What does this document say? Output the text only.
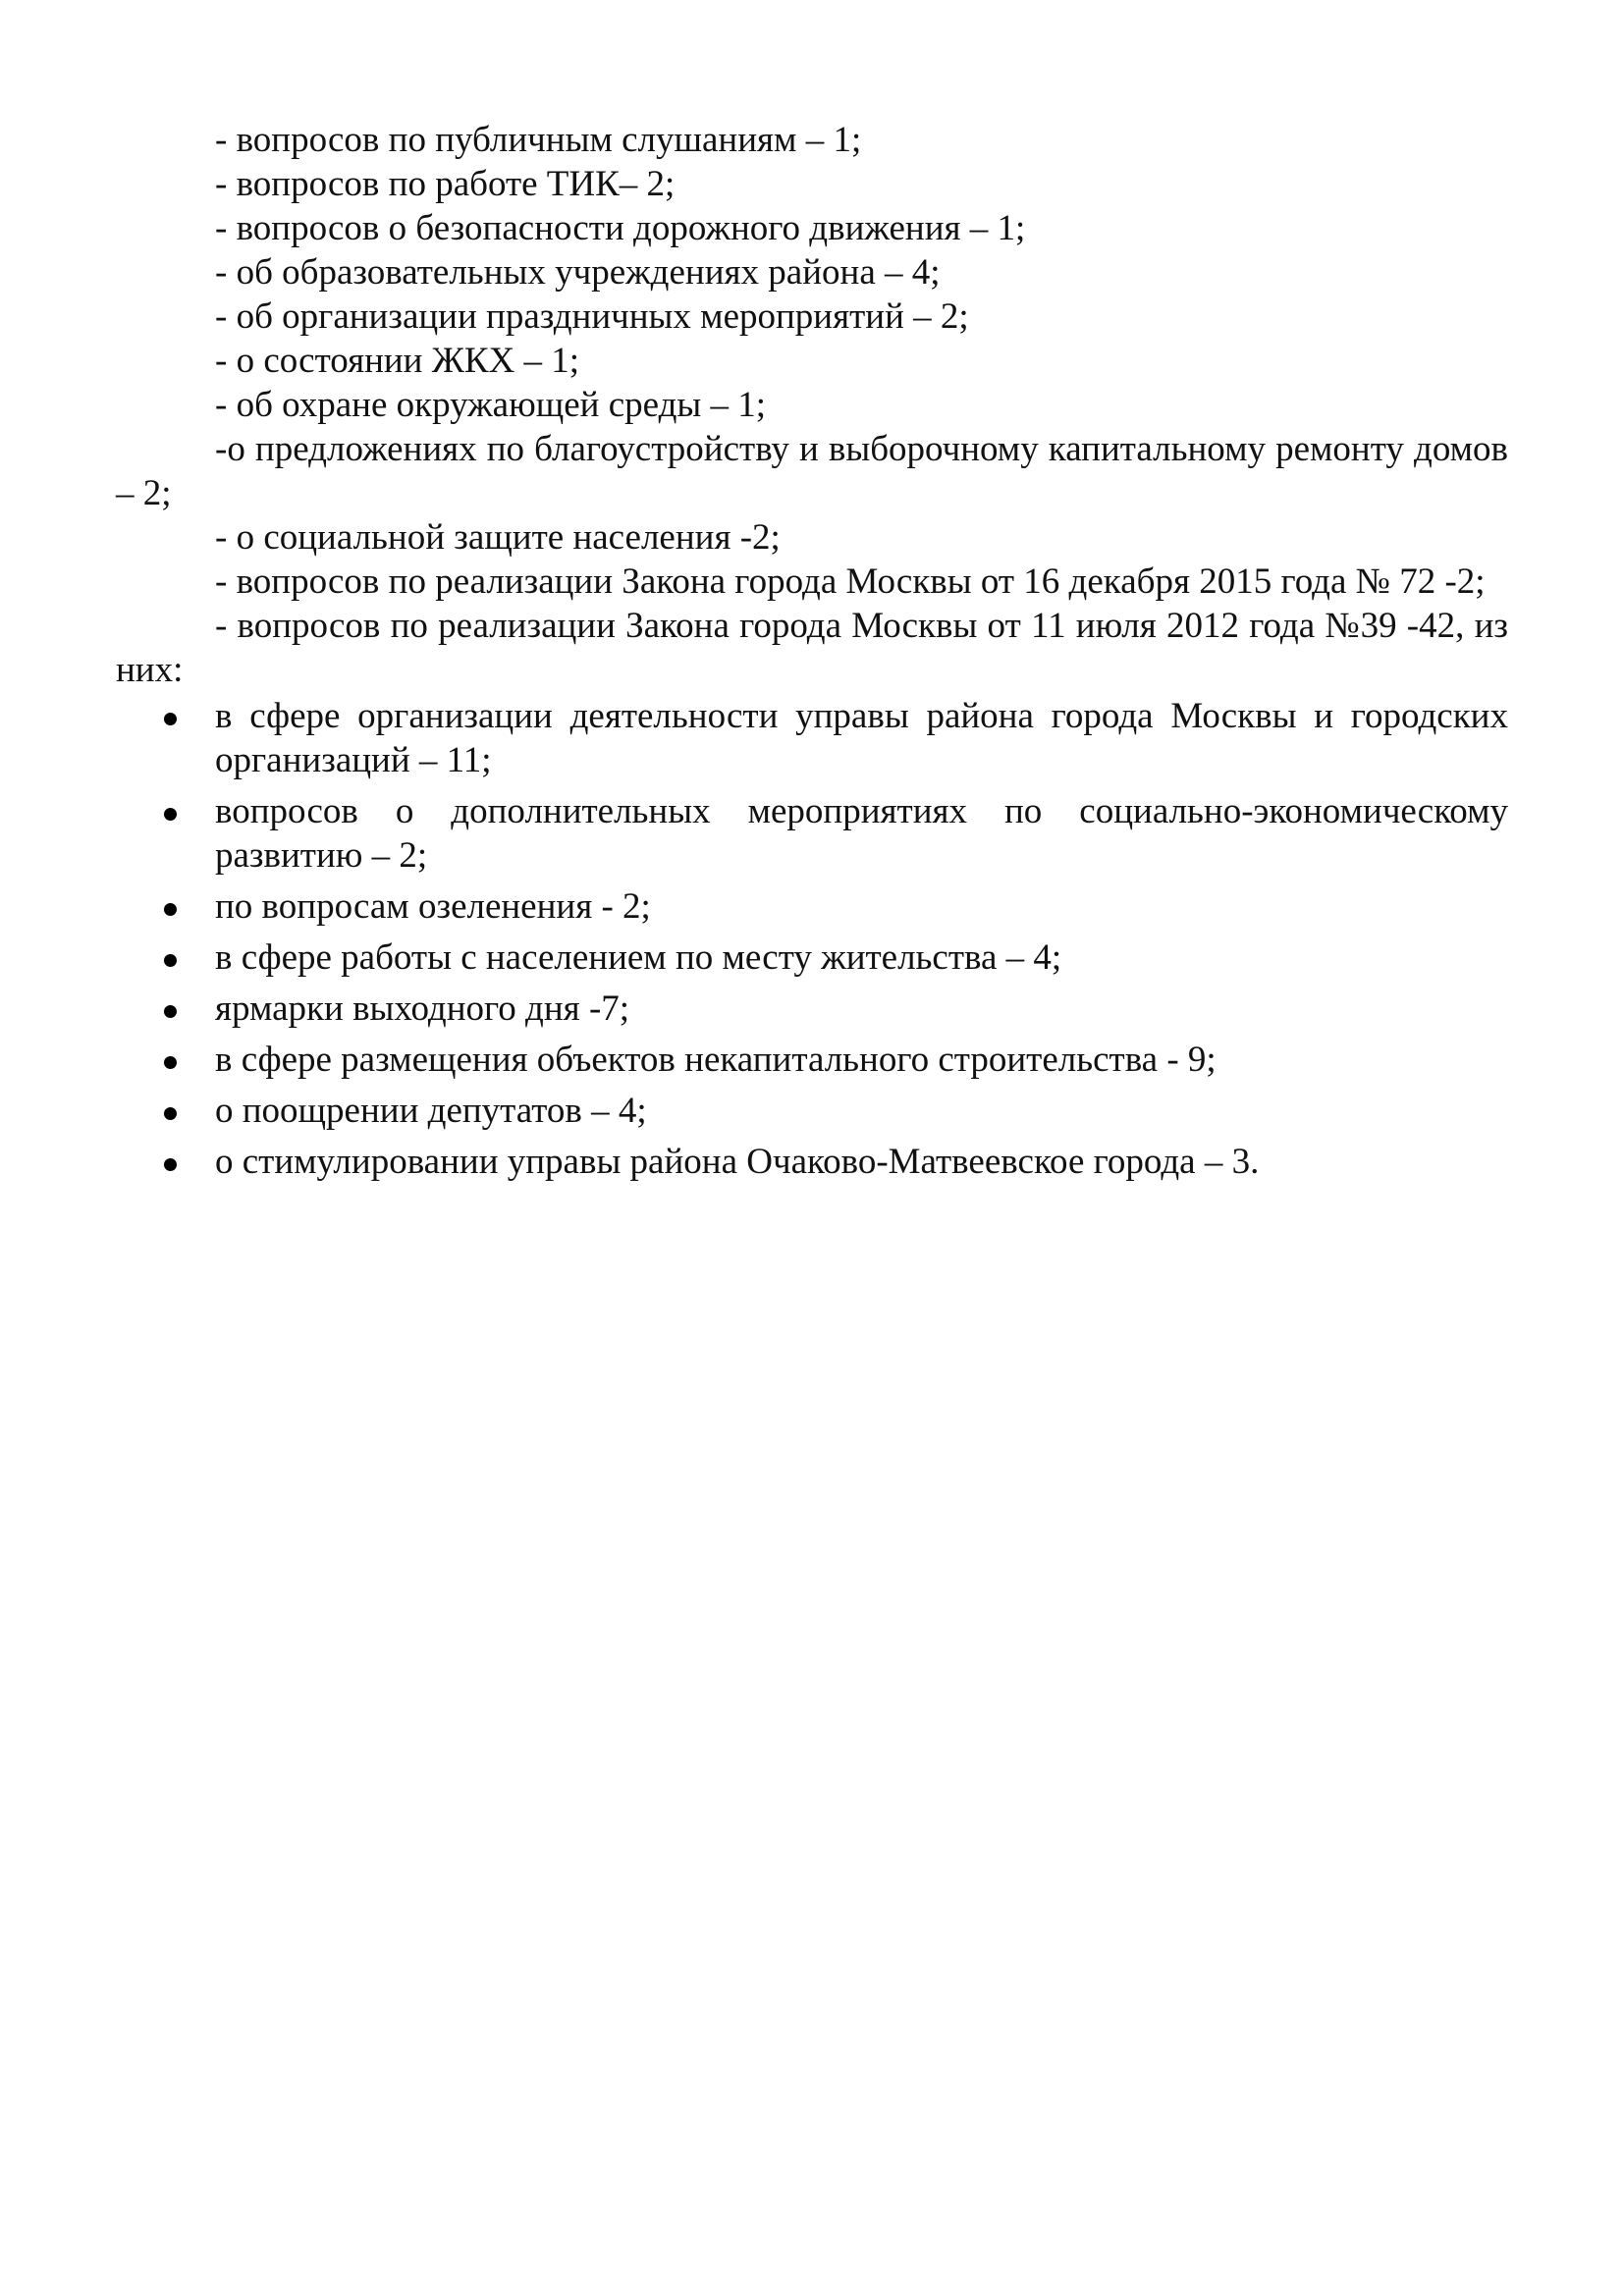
- вопросов по публичным слушаниям – 1;

- вопросов по работе ТИК– 2;

- вопросов о безопасности дорожного движения – 1;

- об образовательных учреждениях района – 4;

- об организации праздничных мероприятий – 2;

- о состоянии ЖКХ – 1;

- об охране окружающей среды – 1;

-о предложениях по благоустройству и выборочному капитальному ремонту домов – 2;

- о социальной защите населения -2;

- вопросов по реализации Закона города Москвы от 16 декабря 2015 года № 72 -2;

- вопросов по реализации Закона города Москвы от 11 июля 2012 года №39 -42, из них:

в сфере организации деятельности управы района города Москвы и городских организаций – 11;
вопросов о дополнительных мероприятиях по социально-экономическому развитию – 2;
по вопросам озеленения - 2;
в сфере работы с населением по месту жительства – 4;
ярмарки выходного дня -7;
в сфере размещения объектов некапитального строительства - 9;
о поощрении депутатов – 4;
о стимулировании управы района Очаково-Матвеевское города – 3.
